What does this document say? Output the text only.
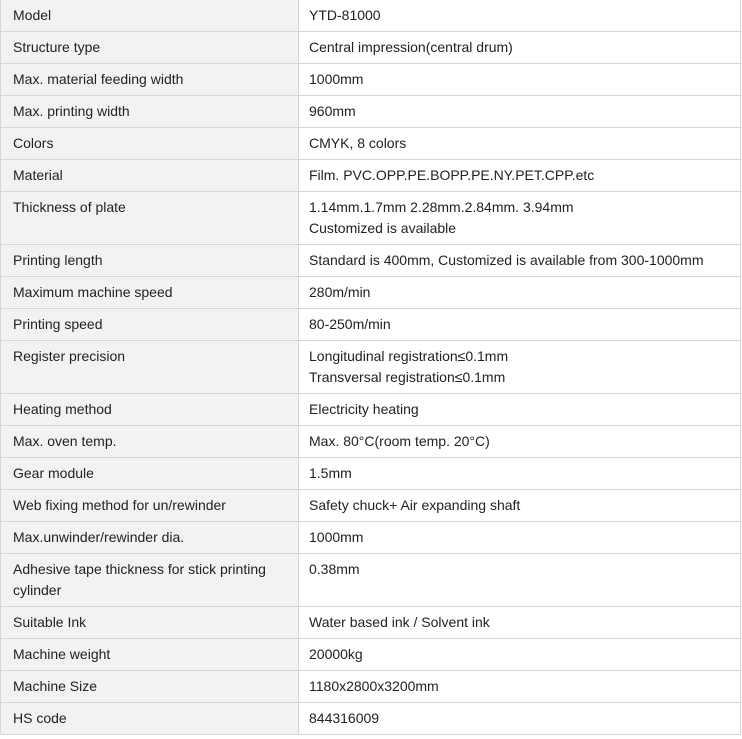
Model	YTD-81000

Structure type	Central impression(central drum)

Max. material feeding width	1000mm

Max. printing width	960mm

Colors	CMYK, 8 colors

Material	Film. PVC.OPP.PE.BOPP.PE.NY.PET.CPP.etc

Thickness of plate	1.14mm.1.7mm 2.28mm.2.84mm. 3.94mm
Customized is available

Printing length	Standard is 400mm, Customized is available from 300-1000mm

Maximum machine speed	280m/min

Printing speed	80-250m/min

Register precision	Longitudinal registration≤0.1mm
Transversal registration≤0.1mm

Heating method	Electricity heating

Max. oven temp.	Max. 80°C(room temp. 20°C)

Gear module	1.5mm

Web fixing method for un/rewinder	Safety chuck+ Air expanding shaft

Max.unwinder/rewinder dia.	1000mm

Adhesive tape thickness for stick printing cylinder	0.38mm

Suitable Ink	Water based ink / Solvent ink

Machine weight	20000kg

Machine Size	1180x2800x3200mm

HS code	844316009
